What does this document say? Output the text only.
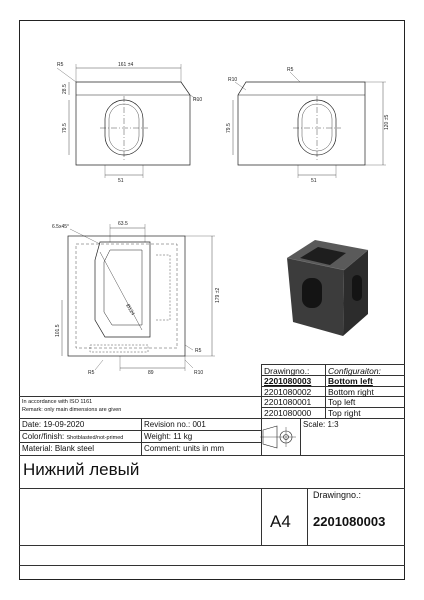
R5	161 ±4
28.5
R10
79.5
51
R10
R5
79.5
51
120 ±5
6.5x45°	63.5
Ø124
179 ±2
101.5
R5
R5	89	R10	Drawingno.: Configuraiton:
2201080003 Bottom left
2201080002 Bottom right
2201080001 Top left
2201080000 Top right
In accordance with ISO 1161
Remark: only main dimensions are given
Date: 19-09-2020	Revision no.: 001
Color/finish: Shotblasted/not-primed	Weight: 11 kg
Material: Blank steel	Comment: units in mm
Scale: 1:3
Нижний левый
A4
Drawingno.:
2201080003
